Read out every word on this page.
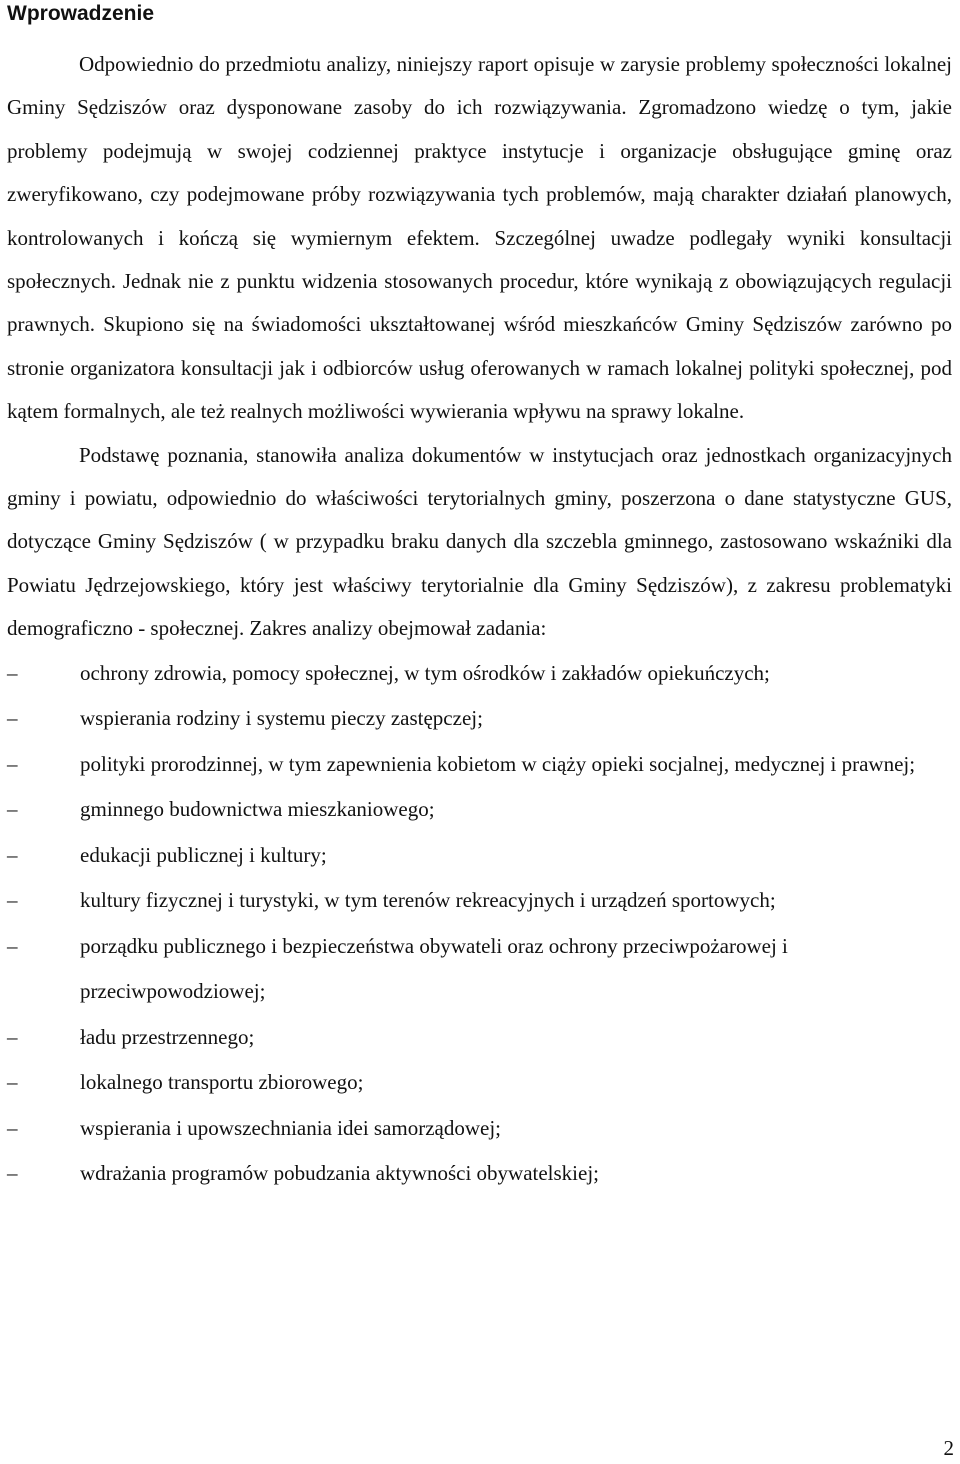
Wprowadzenie

Odpowiednio do przedmiotu analizy, niniejszy raport opisuje w zarysie problemy społeczności lokalnej Gminy Sędziszów oraz dysponowane zasoby do ich rozwiązywania. Zgromadzono wiedzę o tym, jakie problemy podejmują w swojej codziennej praktyce instytucje i organizacje obsługujące gminę oraz zweryfikowano, czy podejmowane próby rozwiązywania tych problemów, mają charakter działań planowych, kontrolowanych i kończą się wymiernym efektem. Szczególnej uwadze podlegały wyniki konsultacji społecznych. Jednak nie z punktu widzenia stosowanych procedur, które wynikają z obowiązujących regulacji prawnych. Skupiono się na świadomości ukształtowanej wśród mieszkańców Gminy Sędziszów zarówno po stronie organizatora konsultacji jak i odbiorców usług oferowanych w ramach lokalnej polityki społecznej, pod kątem formalnych, ale też realnych możliwości wywierania wpływu na sprawy lokalne.

Podstawę poznania, stanowiła analiza dokumentów w instytucjach oraz jednostkach organizacyjnych gminy i powiatu, odpowiednio do właściwości terytorialnych gminy, poszerzona o dane statystyczne GUS, dotyczące Gminy Sędziszów ( w przypadku braku danych dla szczebla gminnego, zastosowano wskaźniki dla Powiatu Jędrzejowskiego, który jest właściwy terytorialnie dla Gminy Sędziszów), z zakresu problematyki demograficzno - społecznej. Zakres analizy obejmował zadania:

–	ochrony zdrowia, pomocy społecznej, w tym ośrodków i zakładów opiekuńczych;
–	wspierania rodziny i systemu pieczy zastępczej;
–	polityki prorodzinnej, w tym zapewnienia kobietom w ciąży opieki socjalnej, medycznej i prawnej;
–	gminnego budownictwa mieszkaniowego;
–	edukacji publicznej i kultury;
–	kultury fizycznej i turystyki, w tym terenów rekreacyjnych i urządzeń sportowych;
–	porządku publicznego i bezpieczeństwa obywateli oraz ochrony przeciwpożarowej i przeciwpowodziowej;
–	ładu przestrzennego;
–	lokalnego transportu zbiorowego;
–	wspierania i upowszechniania idei samorządowej;
–	wdrażania programów pobudzania aktywności obywatelskiej;
2
